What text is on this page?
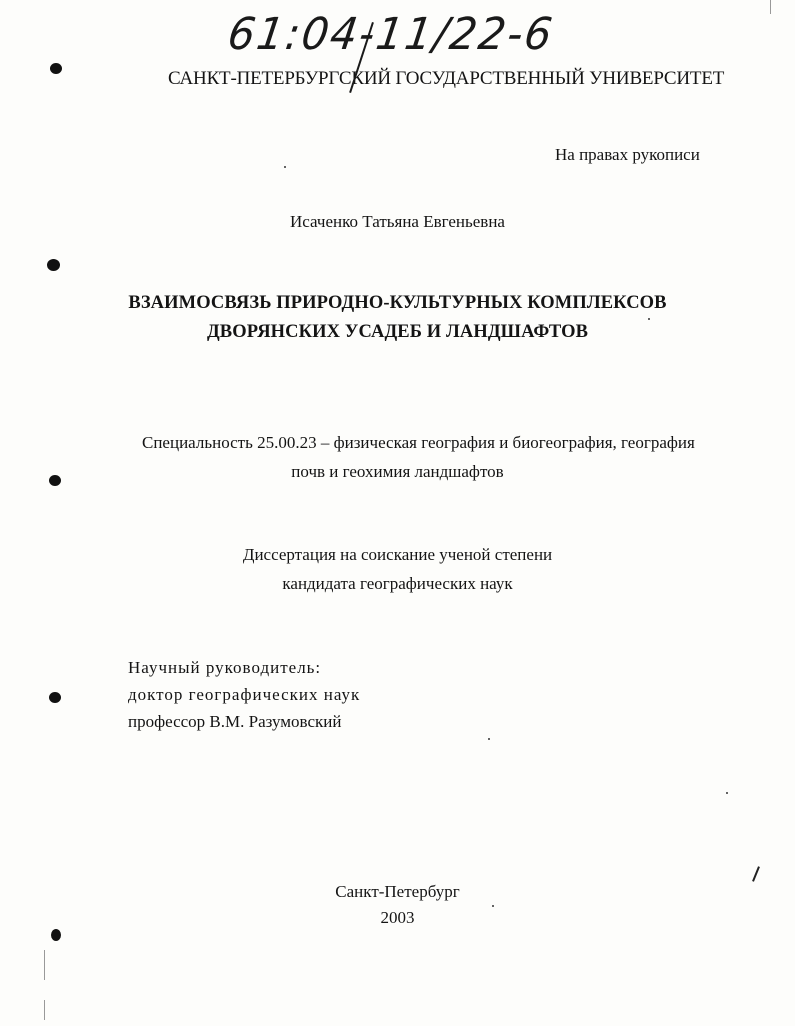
61:04-11/22-6
САНКТ-ПЕТЕРБУРГСКИЙ ГОСУДАРСТВЕННЫЙ УНИВЕРСИТЕТ
На правах рукописи
Исаченко Татьяна Евгеньевна
ВЗАИМОСВЯЗЬ ПРИРОДНО-КУЛЬТУРНЫХ КОМПЛЕКСОВ
ДВОРЯНСКИХ УСАДЕБ И ЛАНДШАФТОВ
Специальность 25.00.23 – физическая география и биогеография, география
почв и геохимия ландшафтов
Диссертация на соискание ученой степени
кандидата географических наук
Научный руководитель:
доктор географических наук
профессор В.М. Разумовский
Санкт-Петербург
2003
